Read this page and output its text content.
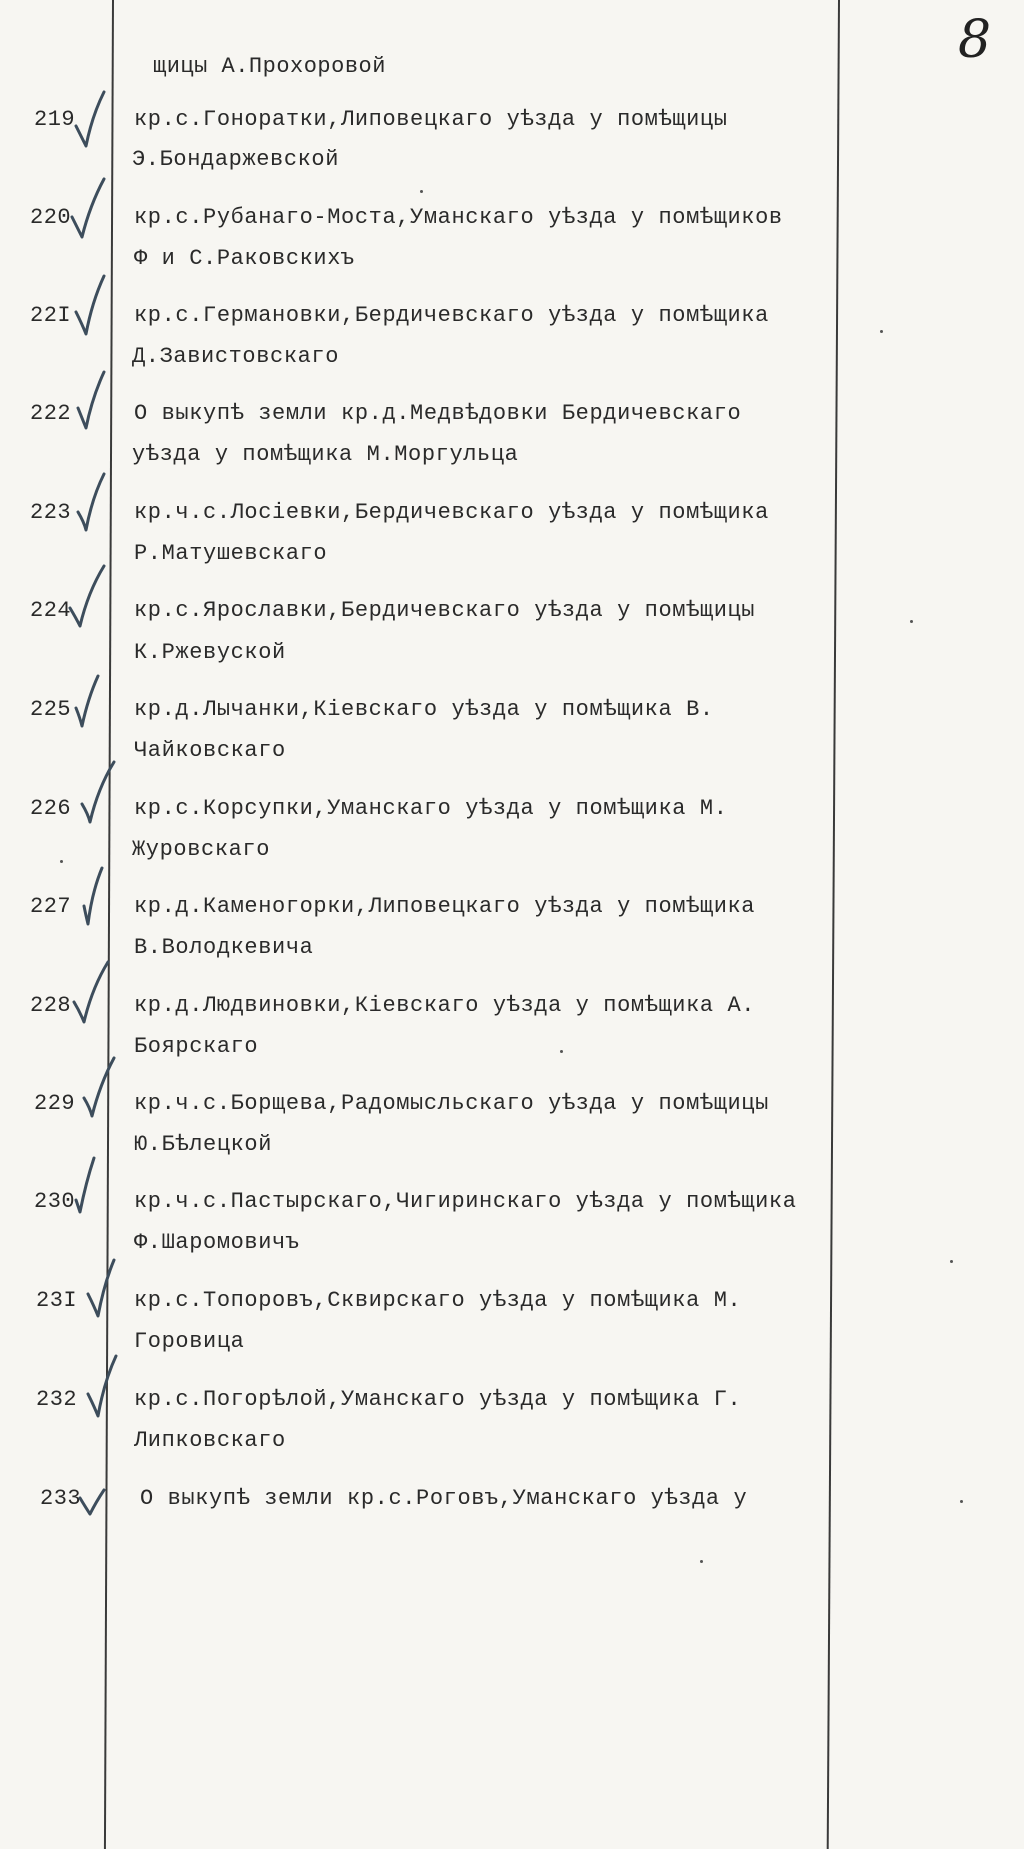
8
щицы А.Прохоровой
219	кр.с.Гоноратки,Липовецкаго уѣзда у помѣщицы
Э.Бондаржевской
220	кр.с.Рубанаго-Моста,Уманскаго уѣзда у помѣщиков
Ф и С.Раковскихъ
22I	кр.с.Германовки,Бердичевскаго уѣзда у помѣщика
Д.Завистовскаго
222	О выкупѣ земли кр.д.Медвѣдовки Бердичевскаго
уѣзда у помѣщика М.Моргульца
223	кр.ч.с.Лосіевки,Бердичевскаго уѣзда у помѣщика
Р.Матушевскаго
224	кр.с.Ярославки,Бердичевскаго уѣзда у помѣщицы
К.Ржевуской
225	кр.д.Лычанки,Кіевскаго уѣзда у помѣщика В.
Чайковскаго
226	кр.с.Корсупки,Уманскаго уѣзда у помѣщика М.
Журовскаго
227	кр.д.Каменогорки,Липовецкаго уѣзда у помѣщика
В.Володкевича
228	кр.д.Людвиновки,Кіевскаго уѣзда у помѣщика А.
Боярскаго
229	кр.ч.с.Борщева,Радомысльскаго уѣзда у помѣщицы
Ю.Бѣлецкой
230	кр.ч.с.Пастырскаго,Чигиринскаго уѣзда у помѣщика
Ф.Шаромовичъ
23I	кр.с.Топоровъ,Сквирскаго уѣзда у помѣщика М.
Горовица
232	кр.с.Погорѣлой,Уманскаго уѣзда у помѣщика Г.
Липковскаго
233	О выкупѣ земли кр.с.Роговъ,Уманскаго уѣзда у
